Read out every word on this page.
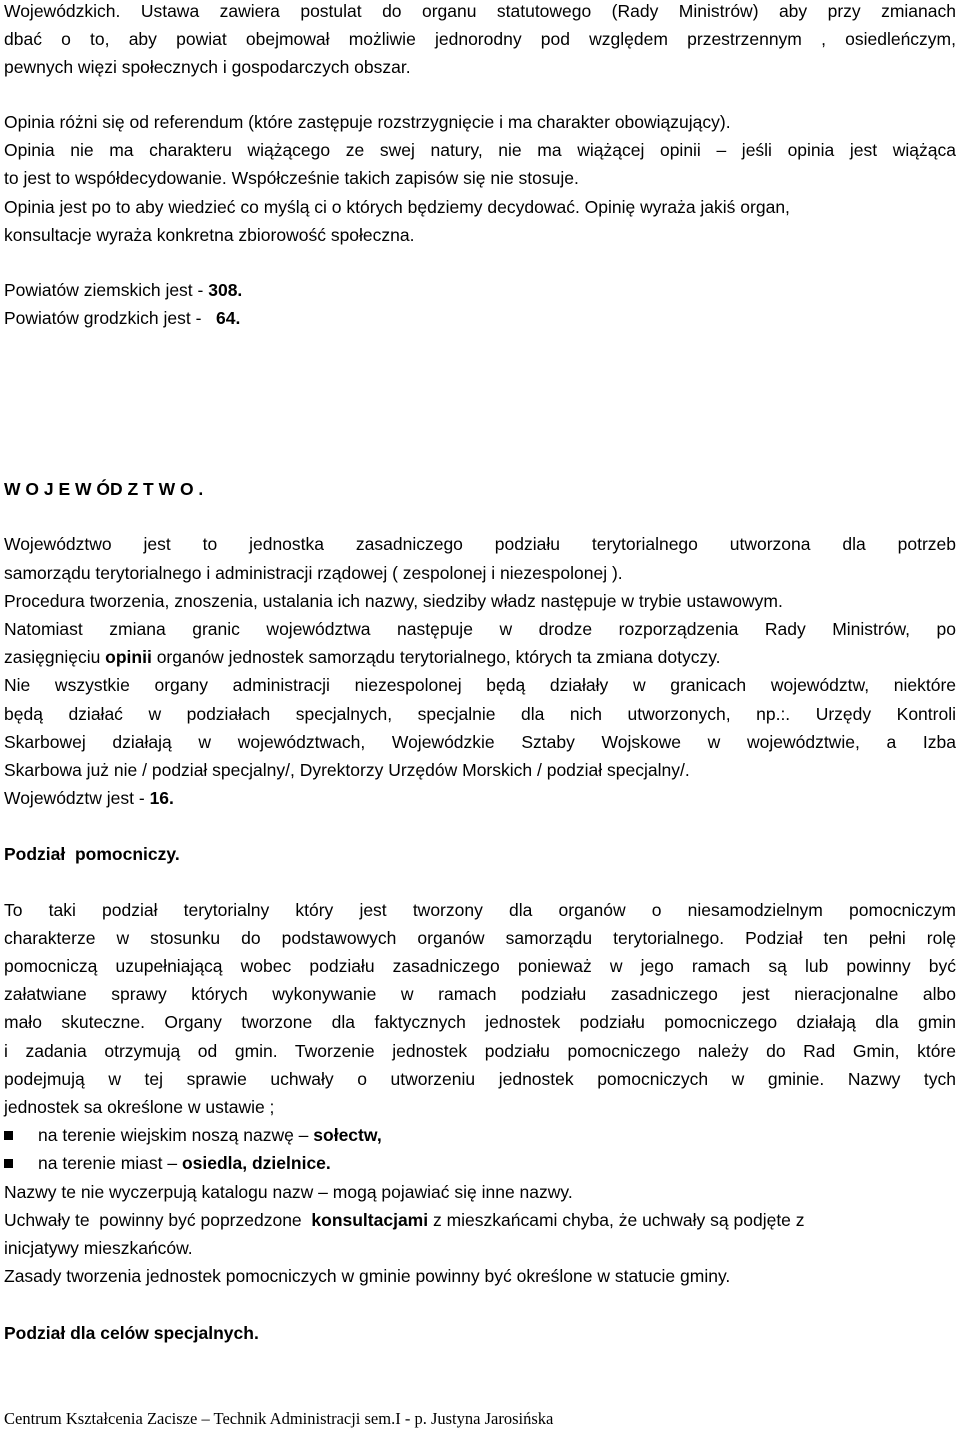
Wojewódzkich. Ustawa zawiera postulat do organu statutowego (Rady Ministrów) aby przy zmianach
dbać o to, aby powiat obejmował możliwie jednorodny pod względem przestrzennym , osiedleńczym,
pewnych więzi społecznych i gospodarczych obszar.
Opinia różni się od referendum (które zastępuje rozstrzygnięcie i ma charakter obowiązujący).
Opinia nie ma charakteru wiążącego ze swej natury, nie ma wiążącej opinii – jeśli opinia jest wiążąca
to jest to współdecydowanie. Współcześnie takich zapisów się nie stosuje.
Opinia jest po to aby wiedzieć co myślą ci o których będziemy decydować. Opinię wyraża jakiś organ,
konsultacje wyraża konkretna zbiorowość społeczna.
Powiatów ziemskich jest - 308.
Powiatów grodzkich jest -   64.
W O J E W ÓD Z T W O .
Województwo jest to jednostka zasadniczego podziału terytorialnego utworzona dla potrzeb
samorządu terytorialnego i administracji rządowej ( zespolonej i niezespolonej ).
Procedura tworzenia, znoszenia, ustalania ich nazwy, siedziby władz następuje w trybie ustawowym.
Natomiast zmiana granic województwa następuje w drodze rozporządzenia Rady Ministrów, po
zasięgnięciu opinii organów jednostek samorządu terytorialnego, których ta zmiana dotyczy.
Nie wszystkie organy administracji niezespolonej będą działały w granicach województw, niektóre
będą działać w podziałach specjalnych, specjalnie dla nich utworzonych, np.:. Urzędy Kontroli
Skarbowej działają w województwach, Wojewódzkie Sztaby Wojskowe w województwie, a Izba
Skarbowa już nie / podział specjalny/, Dyrektorzy Urzędów Morskich / podział specjalny/.
Województw jest - 16.
Podział  pomocniczy.
To taki podział terytorialny który jest tworzony dla organów o niesamodzielnym pomocniczym
charakterze w stosunku do podstawowych organów samorządu terytorialnego. Podział ten pełni rolę
pomocniczą uzupełniającą wobec podziału zasadniczego ponieważ w jego ramach są lub powinny być
załatwiane sprawy których wykonywanie w ramach podziału zasadniczego jest nieracjonalne albo
mało skuteczne. Organy tworzone dla faktycznych jednostek podziału pomocniczego działają dla gmin
i zadania otrzymują od gmin. Tworzenie jednostek podziału pomocniczego należy do Rad Gmin, które
podejmują w tej sprawie uchwały o utworzeniu jednostek pomocniczych w gminie. Nazwy tych
jednostek sa określone w ustawie ;
na terenie wiejskim noszą nazwę – sołectw,
na terenie miast – osiedla, dzielnice.
Nazwy te nie wyczerpują katalogu nazw – mogą pojawiać się inne nazwy.
Uchwały te  powinny być poprzedzone  konsultacjami z mieszkańcami chyba, że uchwały są podjęte z
inicjatywy mieszkańców.
Zasady tworzenia jednostek pomocniczych w gminie powinny być określone w statucie gminy.
Podział dla celów specjalnych.
Centrum Kształcenia Zacisze – Technik Administracji sem.I - p. Justyna Jarosińska
